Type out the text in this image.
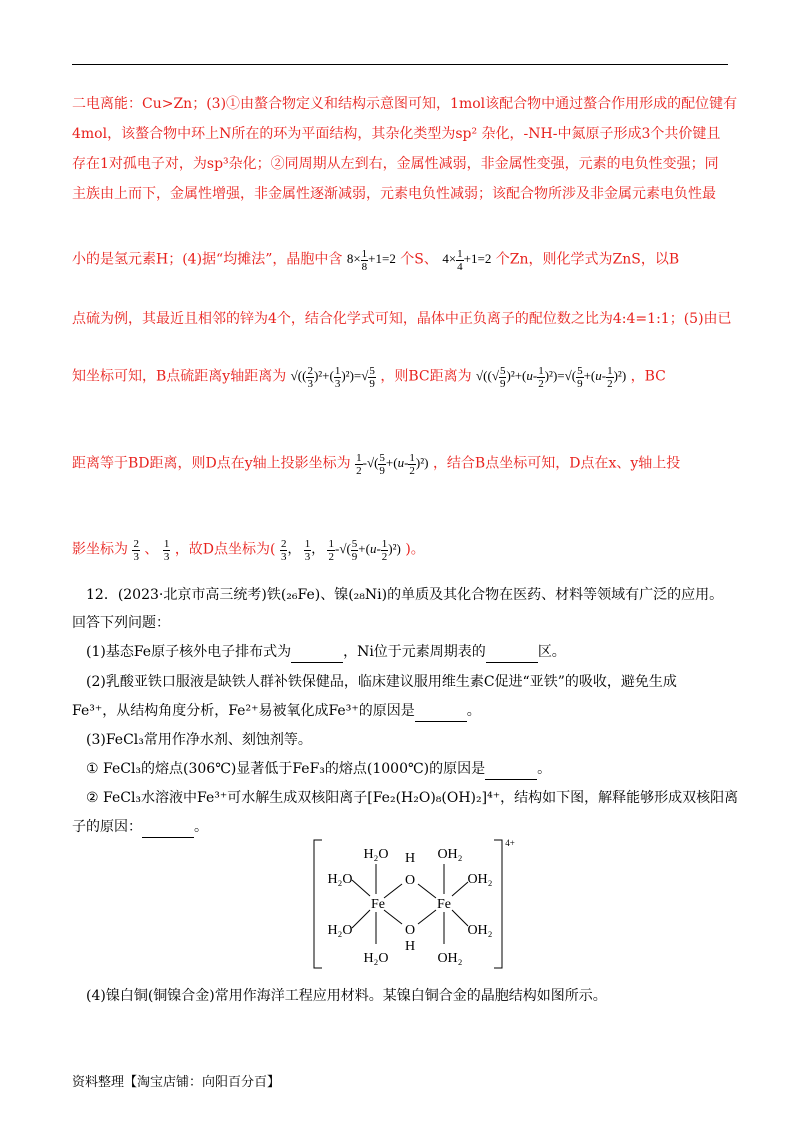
二电离能：Cu>Zn；(3)①由螯合物定义和结构示意图可知，1mol该配合物中通过螯合作用形成的配位键有
4mol，该螯合物中环上N所在的环为平面结构，其杂化类型为sp² 杂化，-NH-中氮原子形成3个共价键且
存在1对孤电子对，为sp³杂化；②同周期从左到右，金属性减弱，非金属性变强，元素的电负性变强；同
主族由上而下，金属性增强，非金属性逐渐减弱，元素电负性减弱；该配合物所涉及非金属元素电负性最
小的是氢元素H；(4)据“均摊法”，晶胞中含 $8\times \frac{1}{8} +1=2$ 个S、 $4\times \frac{1}{4} +1=2$ 个Zn，则化学式为ZnS，以B
点硫为例，其最近且相邻的锌为4个，结合化学式可知，晶体中正负离子的配位数之比为4:4=1:1；(5)由已
知坐标可知，B点硫距离y轴距离为 √(( $\frac{2}{3} )^2+( \frac{1}{3} )^2)=√ \frac{5}{9}$ ，则BC距离为 √((√ $\frac{5}{9} )^2+(u- \frac{1}{2} )^2)=√( \frac{5}{9} +(u- \frac{1}{2} )^2)$ ，BC
距离等于BD距离，则D点在y轴上投影坐标为 $\frac{1}{2}$ -√( $\frac{5}{9} +(u- \frac{1}{2} )^2$) ，结合B点坐标可知，D点在x、y轴上投
影坐标为 $\frac{2}{3}$ 、 $\frac{1}{3}$ ，故D点坐标为( $\frac{2}{3}$ ， $\frac{1}{3}$ ， $\frac{1}{2}$ -√( $\frac{5}{9} +(u- \frac{1}{2} )^2$) )。
12．(2023·北京市高三统考)铁(₂₆Fe)、镍(₂₈Ni)的单质及其化合物在医药、材料等领域有广泛的应用。
回答下列问题：
(1)基态Fe原子核外电子排布式为	，Ni位于元素周期表的	区。
(2)乳酸亚铁口服液是缺铁人群补铁保健品，临床建议服用维生素C促进“亚铁”的吸收，避免生成
Fe³⁺，从结构角度分析，Fe²⁺易被氧化成Fe³⁺的原因是	。
(3)FeCl₃常用作净水剂、刻蚀剂等。
① FeCl₃的熔点(306℃)显著低于FeF₃的熔点(1000℃)的原因是	。
② FeCl₃水溶液中Fe³⁺可水解生成双核阳离子[Fe₂(H₂O)₈(OH)₂]⁴⁺，结构如下图，解释能够形成双核阳离
子的原因：	。
4+
H₂O	OH₂
H
H₂O	O	OH₂
Fe	Fe
H₂O	O	OH₂
H
H₂O	OH₂
(4)镍白铜(铜镍合金)常用作海洋工程应用材料。某镍白铜合金的晶胞结构如图所示。
资料整理【淘宝店铺：向阳百分百】
